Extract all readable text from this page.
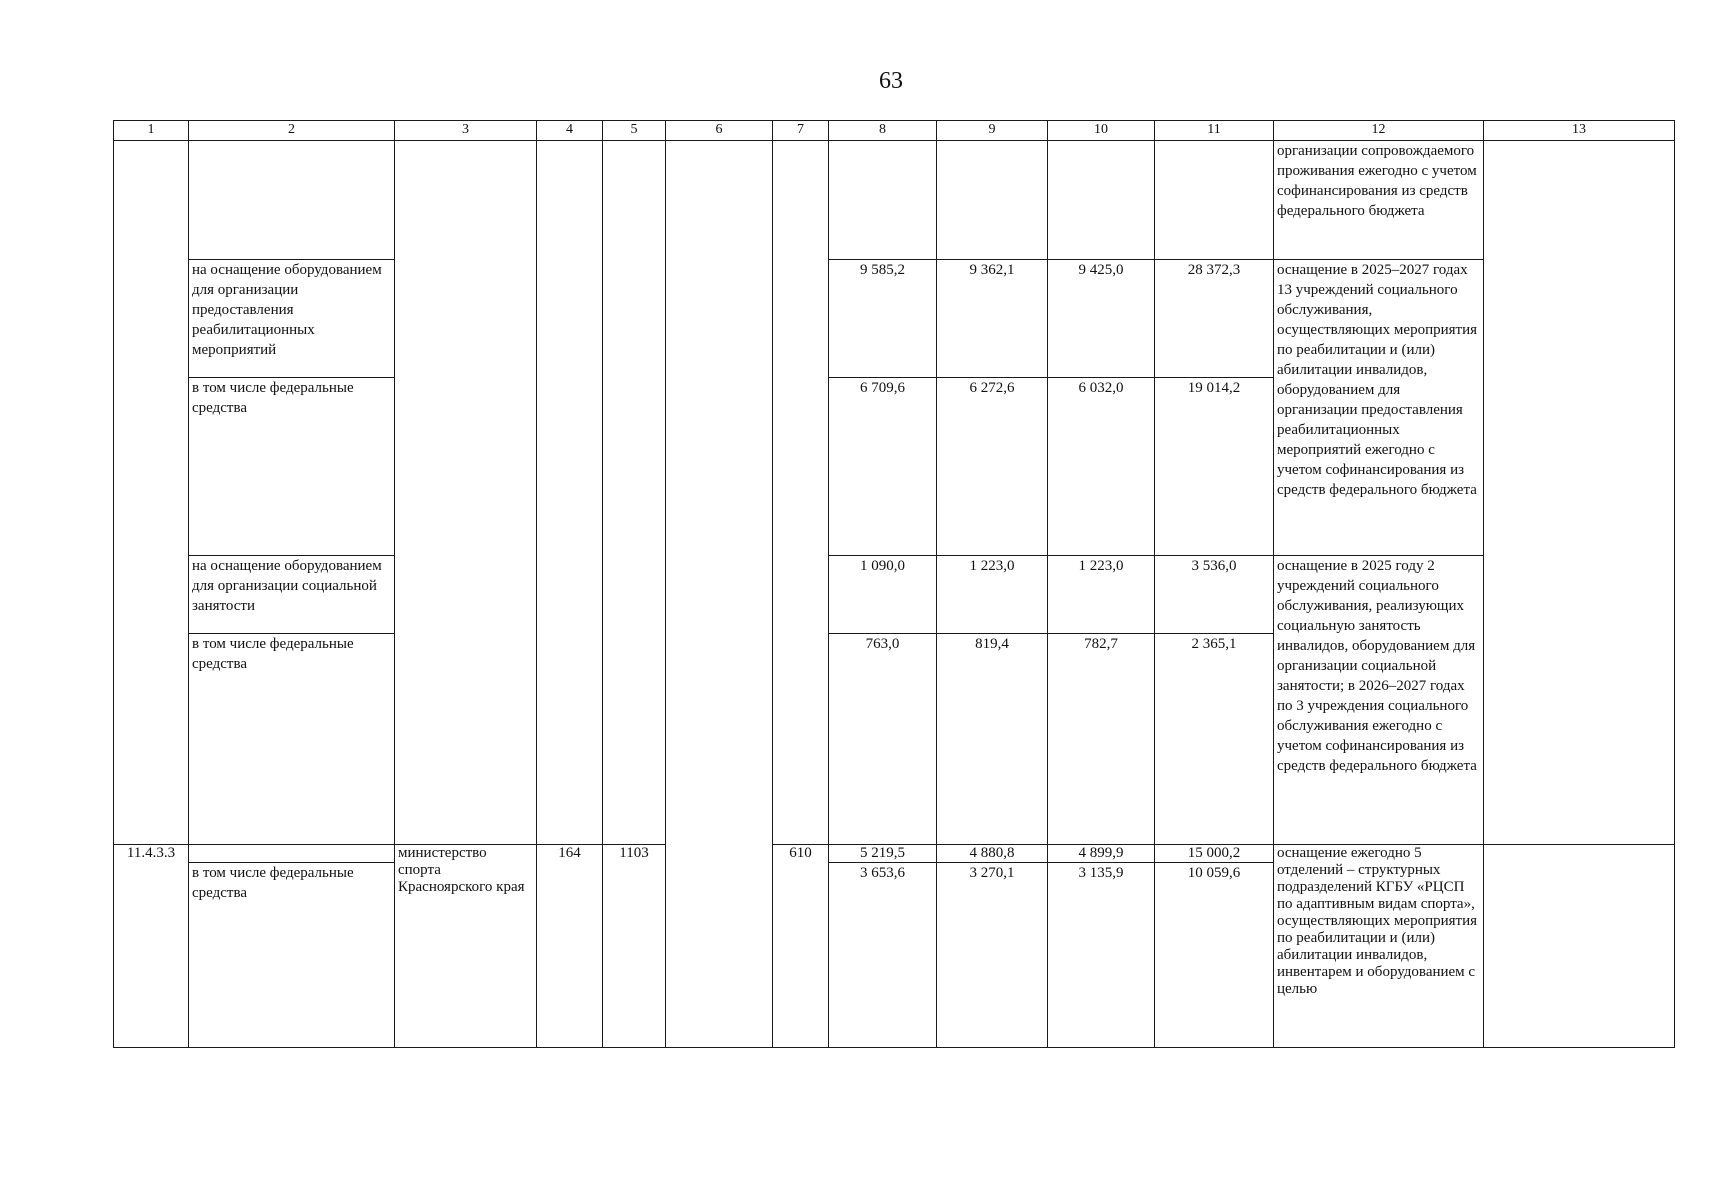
63
1	2	3	4	5	6	7	8	9	10	11	12	13
											организации сопровождаемого проживания ежегодно с учетом софинансирования из средств федерального бюджета	
	на оснащение оборудованием для организации предоставления реабилитационных мероприятий						9 585,2	9 362,1	9 425,0	28 372,3	оснащение в 2025–2027 годах 13 учреждений социального обслуживания, осуществляющих мероприятия по реабилитации и (или) абилитации инвалидов, оборудованием для организации предоставления реабилитационных мероприятий ежегодно с учетом софинансирования из средств федерального бюджета	
	в том числе федеральные средства						6 709,6	6 272,6	6 032,0	19 014,2		
	на оснащение оборудованием для организации социальной занятости						1 090,0	1 223,0	1 223,0	3 536,0	оснащение в 2025 году 2 учреждений социального обслуживания, реализующих социальную занятость инвалидов, оборудованием для организации социальной занятости; в 2026–2027 годах по 3 учреждения социального обслуживания ежегодно с учетом софинансирования из средств федерального бюджета	
	в том числе федеральные средства						763,0	819,4	782,7	2 365,1		
11.4.3.3		министерство спорта Красноярского края	164	1103		610	5 219,5	4 880,8	4 899,9	15 000,2	оснащение ежегодно 5 отделений – структурных подразделений КГБУ «РЦСП по адаптивным видам спорта», осуществляющих мероприятия по реабилитации и (или) абилитации инвалидов, инвентарем и оборудованием с целью	
	в том числе федеральные средства						3 653,6	3 270,1	3 135,9	10 059,6		
